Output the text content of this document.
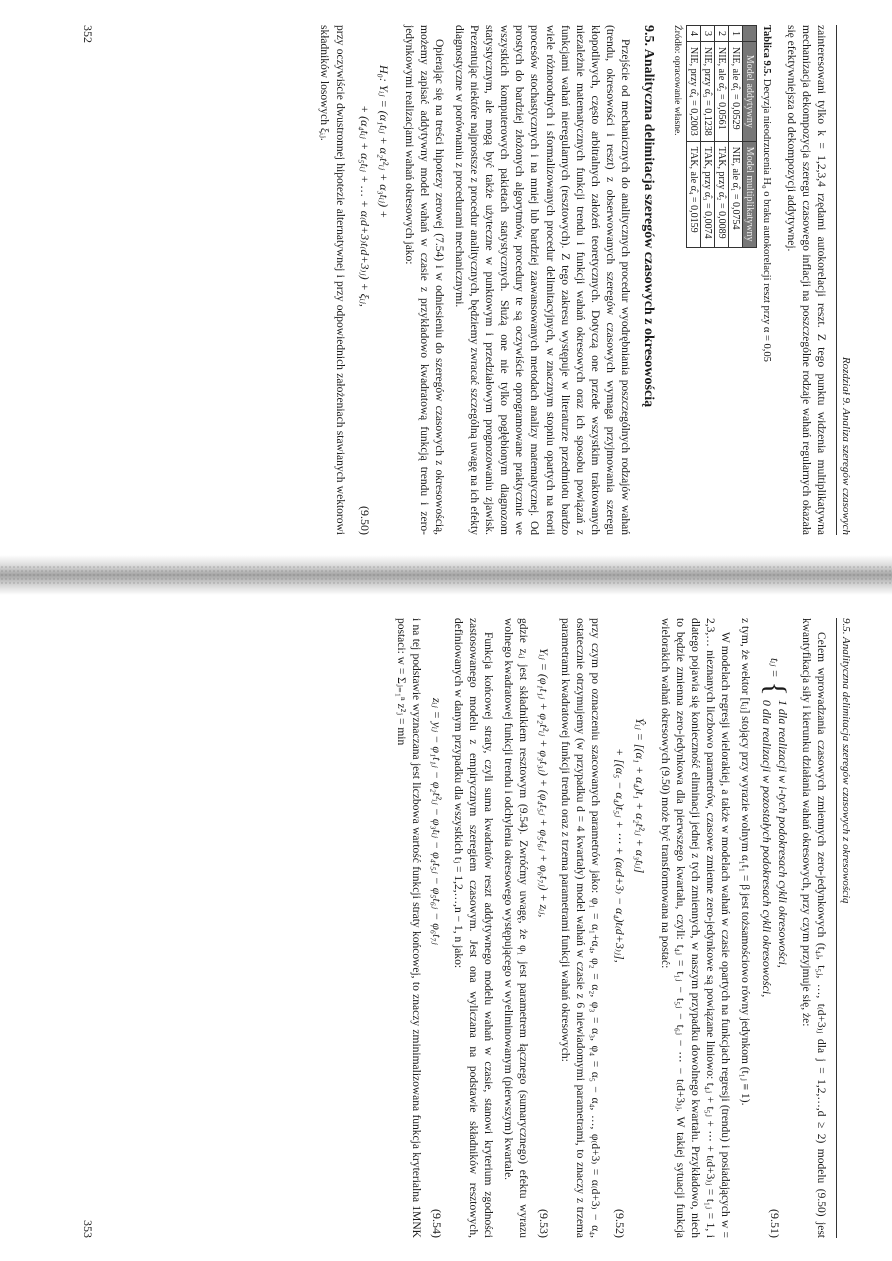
Rozdział 9. Analiza szeregów czasowych

zainteresowani tylko k = 1,2,3,4 rzędami autokorelacji reszt. Z tego punktu widzenia multiplikatywna mechanizacja dekompozycja szeregu czasowego inflacji na poszczególne rodzaje wahań regularnych okazała się efektywniejsza od dekompozycji addytywnej.

Tablica 9.5. Decyzja nieodrzucenia H₀ o braku autokorelacji reszt przy α = 0,05
	Model addytywny	Model multiplikatywny
1	NIE, ale α̂₁ = 0,0529	NIE, ale α̂₁ = 0,0754
2	NIE, ale α̂₂ = 0,0561	TAK, przy α̂₂ = 0,0089
3	NIE, przy α̂₃ = 0,1238	TAK, przy α̂₃ = 0,0074
4	NIE, przy α̂₄ = 0,2003	TAK, ale α̂₄ = 0,0159
Źródło: opracowanie własne.
9.5. Analityczna delimitacja szeregów czasowych z okresowością

Przejście od mechanicznych do analitycznych procedur wyodrębniania poszczególnych rodzajów wahań (trendu, okresowości i reszt) z obserwowanych szeregów czasowych wymaga przyjmowania szeregu kłopotliwych, często arbitralnych założeń teoretycznych. Dotyczą one przede wszystkim traktowanych niezależnie matematycznych funkcji trendu i funkcji wahań okresowych oraz ich sposobu powiązań z funkcjami wahań nieregularnych (resztowych). Z tego zakresu występuje w literaturze przedmiotu bardzo wiele różnorodnych i sformalizowanych procedur delimitacyjnych, w znacznym stopniu opartych na teorii procesów stochastycznych i na mniej lub bardziej zaawansowanych metodach analizy matematycznej. Od prostych do bardziej złożonych algorytmów, procedury te są oczywiście oprogramowane praktycznie we wszystkich komputerowych pakietach statystycznych. Służą one nie tylko pogłębionym diagnozom statystycznym, ale mogą być także użyteczne w punktowym i przedziałowym prognozowaniu zjawisk. Prezentując niektóre najprostsze z procedur analitycznych, będziemy zwracać szczególną uwagę na ich efekty diagnostyczne w porównaniu z procedurami mechanicznymi.

Opierając się na treści hipotezy zerowej (7.54) i w odniesieniu do szeregów czasowych z okresowością, możemy zapisać addytywny model wahań w czasie z przykładowo kwadratową funkcją trendu i zero-jedynkowymi realizacjami wahań okresowych jako:

H₀: Yᵢⱼ = (α₁tᵢⱼ + α₂t²ᵢⱼ + α₃tᵢⱼ) +
+ (α₄tᵢⱼ + α₅tᵢⱼ + … + α₍d+3₎t₍d+3₎ⱼ) + ξᵢⱼ,
(9.50)

przy oczywiście dwustronnej hipotezie alternatywnej i przy odpowiednich założeniach stawianych wektorowi składników losowych ξᵢⱼ.

352
9.5. Analityczna delimitacja szeregów czasowych z okresowością

Celem wprowadzania czasowych zmiennych zero-jedynkowych (t₄ⱼ, t₅ⱼ, …, t₍d+3₎ⱼ dla j = 1,2,…,d ≥ 2) modelu (9.50) jest kwantyfikacja siły i kierunku działania wahań okresowych, przy czym przyjmuje się, że:

tᵢⱼ =
{
1 dla realizacji w i-tych podokresach cykli okresowości,
0 dla realizacji w pozostałych podokresach cykli okresowości,
(9.51)

z tym, że wektor [tᵢⱼ] stojący przy wyrazie wolnym α₁t₁ = β jest tożsamościowo równy jedynkom (t₁ⱼ ≡ 1).

W modelach regresji wielorakiej, a także w modelach wahań w czasie opartych na funkcjach regresji (trendu) i posiadających w = 2,3,… nieznanych liczbowo parametrów, czasowe zmienne zero-jedynkowe są powiązane liniowo: t₄ⱼ + t₅ⱼ + ⋯ + t₍d+3₎ⱼ = t₁ⱼ = 1, i dlatego pojawia się konieczność eliminacji jednej z tych zmiennych, w naszym przypadku dowolnego kwartału. Przykładowo, niech to będzie zmienna zero-jedynkowa dla pierwszego kwartału, czyli: t₄ⱼ = t₁ⱼ − t₅ⱼ − t₆ⱼ − ⋯ − t₍d+3₎ⱼ. W takiej sytuacji funkcja wielorakich wahań okresowych (9.50) może być transformowana na postać:

Ŷᵢⱼ = [(α₁ + α₄)t₁ + α₂t²ᵢⱼ + α₃tᵢⱼ]
+ [(α₅ − α₄)t₅ⱼ + ⋯ + (α₍d+3₎ − α₄)t₍d+3₎ⱼ],
(9.52)

przy czym po oznaczeniu szacowanych parametrów jako: φ₁ = α₁+α₄, φ₂ = α₂, φ₃ = α₃, φ₄ = α₅ − α₄, …, φ₍d+3₎ = α₍d+3₎ − α₄, ostatecznie otrzymujemy (w przypadku d = 4 kwartały) model wahań w czasie z 6 niewiadomymi parametrami, to znaczy z trzema parametrami kwadratowej funkcji trendu oraz z trzema parametrami funkcji wahań okresowych:

Yᵢⱼ = (φ₁t₁ⱼ + φ₂t²ᵢⱼ + φ₃t₃ⱼ) + (φ₄t₅ⱼ + φ₅t₆ⱼ + φ₆t₇ⱼ) + zᵢⱼ,
(9.53)

gdzie zᵢⱼ jest składnikiem resztowym (9.54). Zwróćmy uwagę, że φ₁ jest parametrem łącznego (sumarycznego) efektu wyrazu wolnego kwadratowej funkcji trendu i odchylenia okresowego występującego w wyeliminowanym (pierwszym) kwartale.

Funkcja końcowej straty, czyli suma kwadratów reszt addytywnego modelu wahań w czasie, stanowi kryterium zgodności zastosowanego modelu z empirycznym szeregiem czasowym. Jest ona wyliczana na podstawie składników resztowych, definiowanych w danym przypadku dla wszystkich tⱼ = 1,2,…,n − 1, n jako:

zᵢⱼ = yᵢⱼ − φ₁t₁ⱼ − φ₂t²ᵢⱼ − φ₃tᵢⱼ − φ₄t₅ⱼ − φ₅t₆ⱼ − φ₆t₇ⱼ
(9.54)

i na tej podstawie wyznaczana jest liczbowa wartość funkcji straty końcowej, to znaczy zminimalizowana funkcja kryterialna 1MNK postaci: w = Σⱼ₌₁ⁿ z²ⱼ = min

353
